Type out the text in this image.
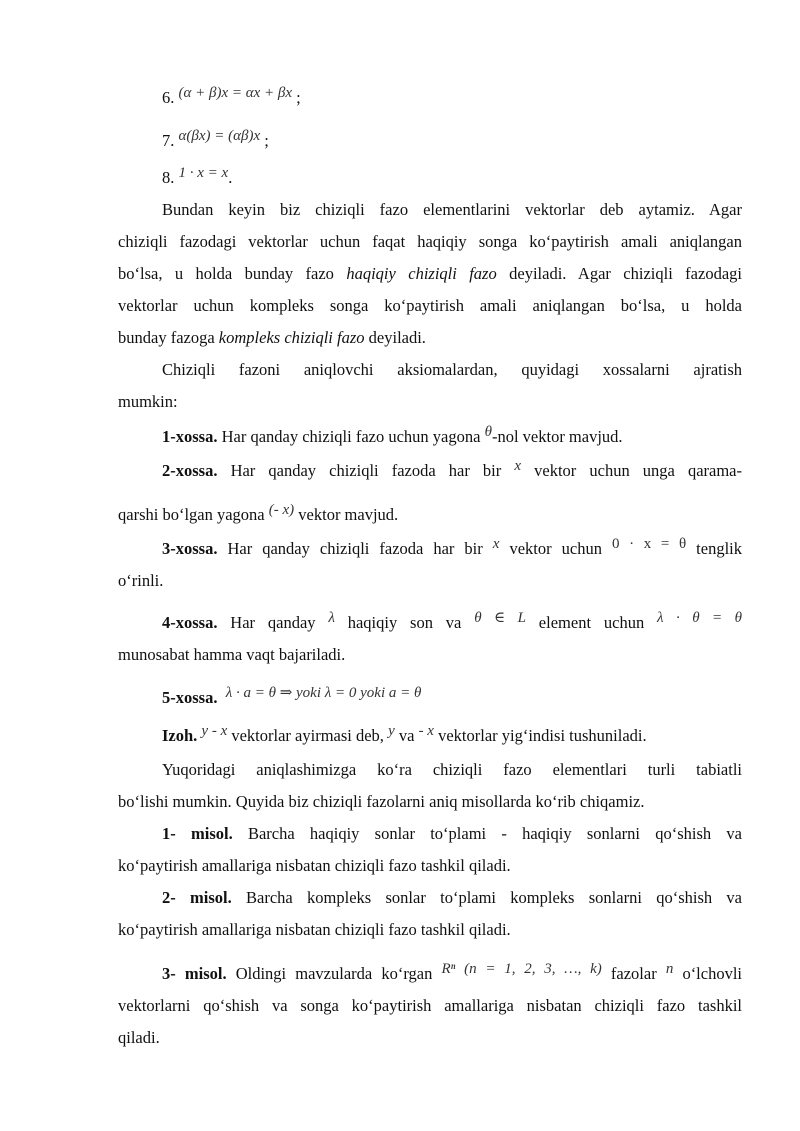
6. (α + β)x = αx + βx ;
7. α(βx) = (αβ)x ;
8. 1 · x = x.
Bundan keyin biz chiziqli fazo elementlarini vektorlar deb aytamiz. Agar
chiziqli fazodagi vektorlar uchun faqat haqiqiy songa ko‘paytirish amali aniqlangan
bo‘lsa, u holda bunday fazo haqiqiy chiziqli fazo deyiladi. Agar chiziqli fazodagi
vektorlar uchun kompleks songa ko‘paytirish amali aniqlangan bo‘lsa, u holda
bunday fazoga kompleks chiziqli fazo deyiladi.
Chiziqli fazoni aniqlovchi aksiomalardan, quyidagi xossalarni ajratish
mumkin:
1-xossa. Har qanday chiziqli fazo uchun yagona θ-nol vektor mavjud.
2-xossa. Har qanday chiziqli fazoda har bir x vektor uchun unga qarama-
qarshi bo‘lgan yagona (- x) vektor mavjud.
3-xossa. Har qanday chiziqli fazoda har bir x vektor uchun 0 · x = θ tenglik
o‘rinli.
4-xossa. Har qanday λ haqiqiy son va θ ∈ L element uchun λ · θ = θ
munosabat hamma vaqt bajariladi.
5-xossa. λ · a = θ ⇒ yoki λ = 0 yoki a = θ
Izoh. y - x vektorlar ayirmasi deb, y va - x vektorlar yig‘indisi tushuniladi.
Yuqoridagi aniqlashimizga ko‘ra chiziqli fazo elementlari turli tabiatli
bo‘lishi mumkin. Quyida biz chiziqli fazolarni aniq misollarda ko‘rib chiqamiz.
1- misol. Barcha haqiqiy sonlar to‘plami - haqiqiy sonlarni qo‘shish va
ko‘paytirish amallariga nisbatan chiziqli fazo tashkil qiladi.
2- misol. Barcha kompleks sonlar to‘plami kompleks sonlarni qo‘shish va
ko‘paytirish amallariga nisbatan chiziqli fazo tashkil qiladi.
3- misol. Oldingi mavzularda ko‘rgan Rⁿ (n = 1, 2, 3, …, k) fazolar n o‘lchovli
vektorlarni qo‘shish va songa ko‘paytirish amallariga nisbatan chiziqli fazo tashkil
qiladi.
